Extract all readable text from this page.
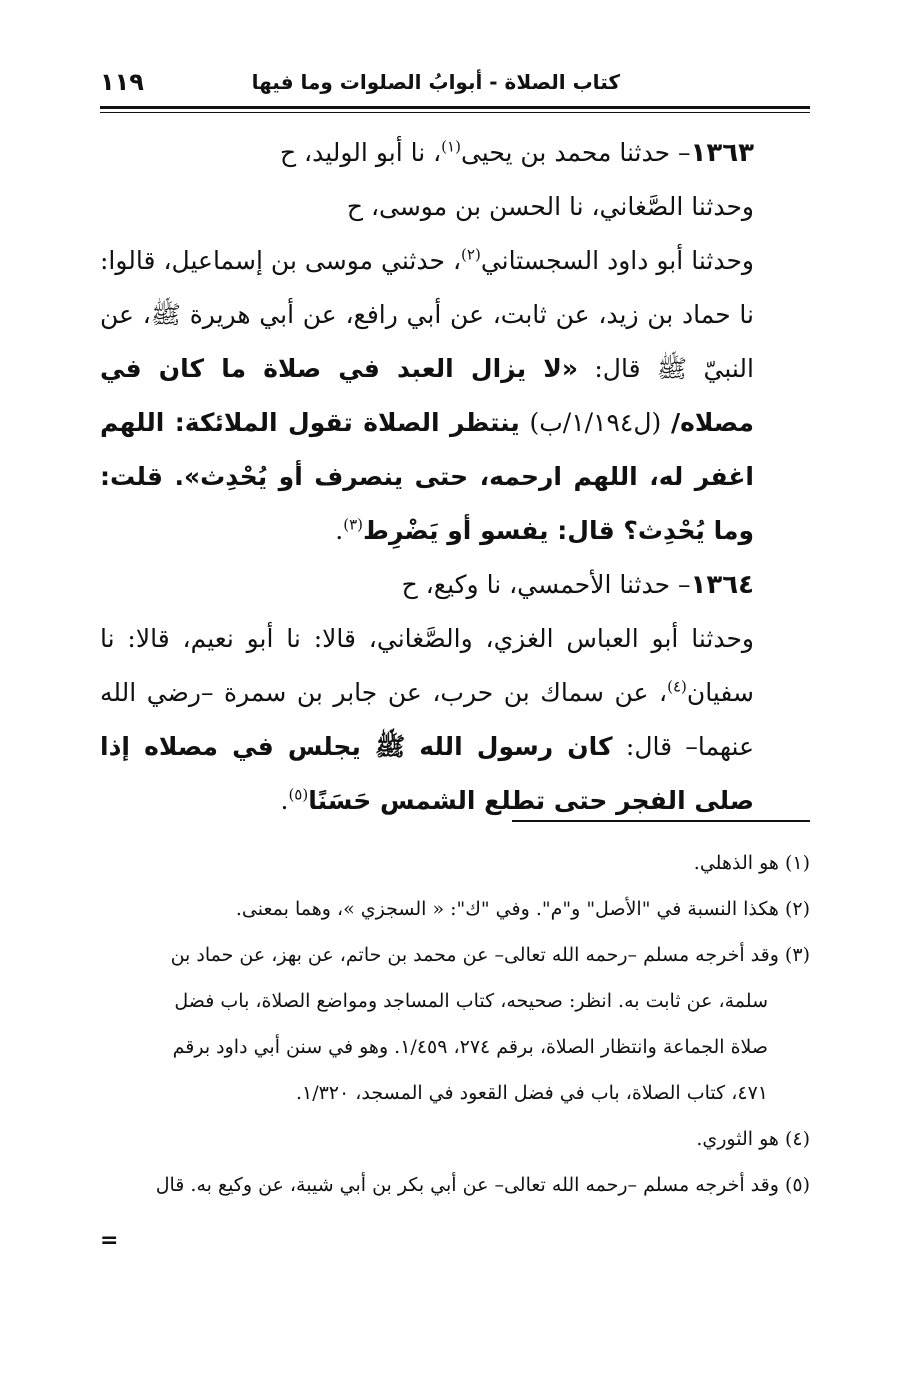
كتاب الصلاة - أبوابُ الصلوات وما فيها
١١٩

١٣٦٣– حدثنا محمد بن يحيى$^{(١)}$، نا أبو الوليد، ح

وحدثنا الصَّغاني، نا الحسن بن موسى، ح

وحدثنا أبو داود السجستاني$^{(٢)}$، حدثني موسى بن إسماعيل، قالوا: نا حماد بن زيد، عن ثابت، عن أبي رافع، عن أبي هريرة ﷺ، عن النبيّ ﷺ قال: «لا يزال العبد في صلاة ما كان في مصلاه/ (ل١/١٩٤/ب) ينتظر الصلاة تقول الملائكة: اللهم اغفر له، اللهم ارحمه، حتى ينصرف أو يُحْدِث». قلت: وما يُحْدِث؟ قال: يفسو أو يَضْرِط$^{(٣)}$.

١٣٦٤– حدثنا الأحمسي، نا وكيع، ح

وحدثنا أبو العباس الغزي، والصَّغاني، قالا: نا أبو نعيم، قالا: نا سفيان$^{(٤)}$، عن سماك بن حرب، عن جابر بن سمرة –رضي الله عنهما– قال: كان رسول الله ﷺ يجلس في مصلاه إذا صلى الفجر حتى تطلع الشمس حَسَنًا$^{(٥)}$.

(١) هو الذهلي.

(٢) هكذا النسبة في "الأصل" و"م". وفي "ك": « السجزي »، وهما بمعنى.

(٣) وقد أخرجه مسلم –رحمه الله تعالى– عن محمد بن حاتم، عن بهز، عن حماد بن

سلمة، عن ثابت به. انظر: صحيحه، كتاب المساجد ومواضع الصلاة، باب فضل

صلاة الجماعة وانتظار الصلاة، برقم ٢٧٤، ١/٤٥٩. وهو في سنن أبي داود برقم

٤٧١، كتاب الصلاة، باب في فضل القعود في المسجد، ١/٣٢٠.

(٤) هو الثوري.

(٥) وقد أخرجه مسلم –رحمه الله تعالى– عن أبي بكر بن أبي شيبة، عن وكيع به. قال

=
